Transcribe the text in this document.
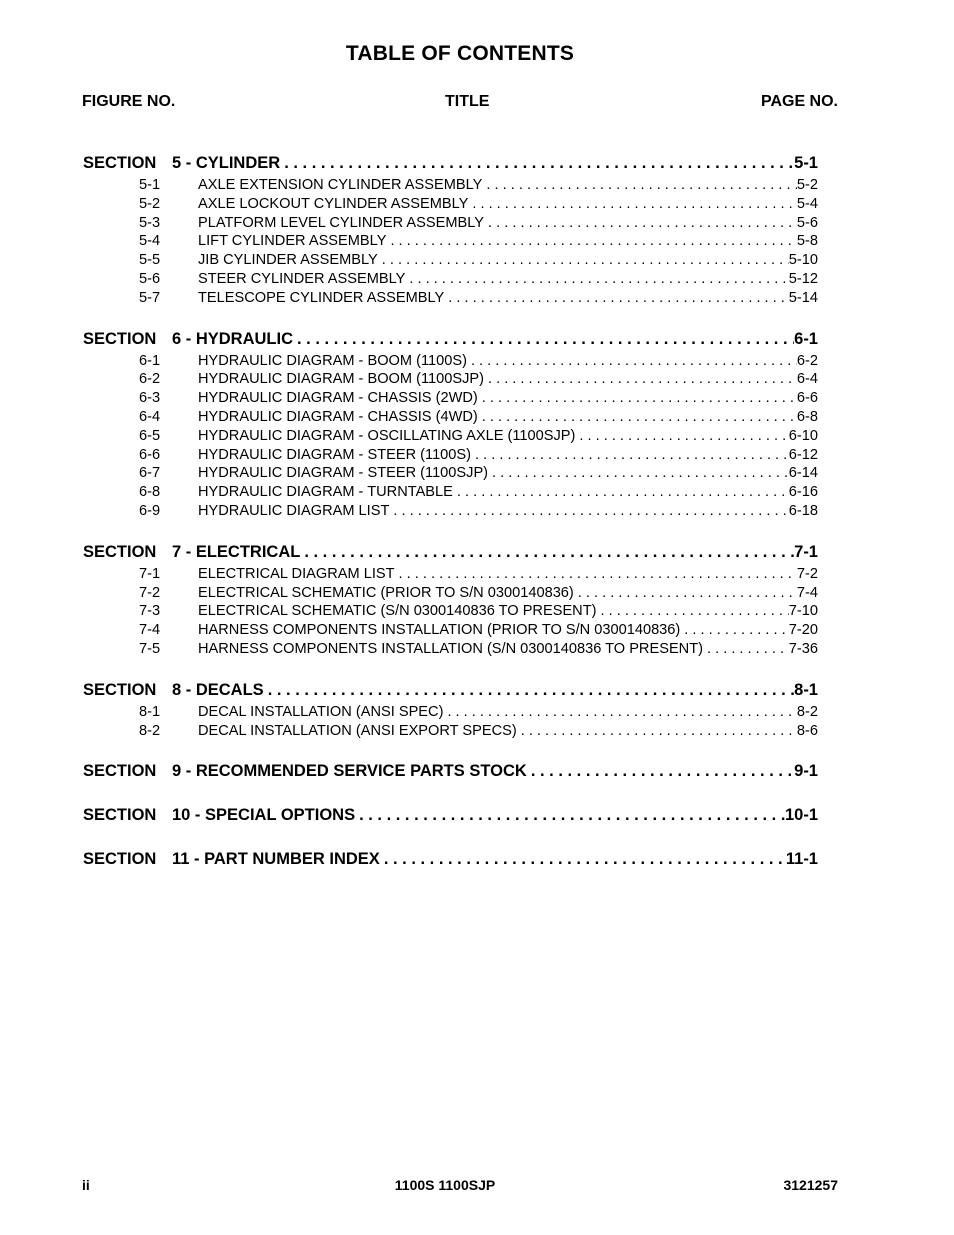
TABLE OF CONTENTS
FIGURE NO.	TITLE	PAGE NO.
SECTION 5 - CYLINDER . . .	5-1
5-1	AXLE EXTENSION CYLINDER ASSEMBLY . . .	5-2
5-2	AXLE LOCKOUT CYLINDER ASSEMBLY . . .	5-4
5-3	PLATFORM LEVEL CYLINDER ASSEMBLY . . .	5-6
5-4	LIFT CYLINDER ASSEMBLY . . .	5-8
5-5	JIB CYLINDER ASSEMBLY . . .	5-10
5-6	STEER CYLINDER ASSEMBLY . . .	5-12
5-7	TELESCOPE CYLINDER ASSEMBLY . . .	5-14
SECTION 6 - HYDRAULIC . . .	6-1
6-1	HYDRAULIC DIAGRAM - BOOM (1100S) . . .	6-2
6-2	HYDRAULIC DIAGRAM - BOOM (1100SJP) . . .	6-4
6-3	HYDRAULIC DIAGRAM - CHASSIS (2WD) . . .	6-6
6-4	HYDRAULIC DIAGRAM - CHASSIS (4WD) . . .	6-8
6-5	HYDRAULIC DIAGRAM - OSCILLATING AXLE (1100SJP) . . .	6-10
6-6	HYDRAULIC DIAGRAM - STEER (1100S) . . .	6-12
6-7	HYDRAULIC DIAGRAM - STEER (1100SJP) . . .	6-14
6-8	HYDRAULIC DIAGRAM - TURNTABLE . . .	6-16
6-9	HYDRAULIC DIAGRAM LIST . . .	6-18
SECTION 7 - ELECTRICAL . . .	7-1
7-1	ELECTRICAL DIAGRAM LIST . . .	7-2
7-2	ELECTRICAL SCHEMATIC (PRIOR TO S/N 0300140836) . . .	7-4
7-3	ELECTRICAL SCHEMATIC (S/N 0300140836 TO PRESENT) . . .	7-10
7-4	HARNESS COMPONENTS INSTALLATION (PRIOR TO S/N 0300140836) . . .	7-20
7-5	HARNESS COMPONENTS INSTALLATION (S/N 0300140836 TO PRESENT) . . .	7-36
SECTION 8 - DECALS . . .	8-1
8-1	DECAL INSTALLATION (ANSI SPEC) . . .	8-2
8-2	DECAL INSTALLATION (ANSI EXPORT SPECS) . . .	8-6
SECTION 9 - RECOMMENDED SERVICE PARTS STOCK . . .	9-1
SECTION 10 - SPECIAL OPTIONS . . .	10-1
SECTION 11 - PART NUMBER INDEX . . .	11-1
ii	1100S 1100SJP	3121257
